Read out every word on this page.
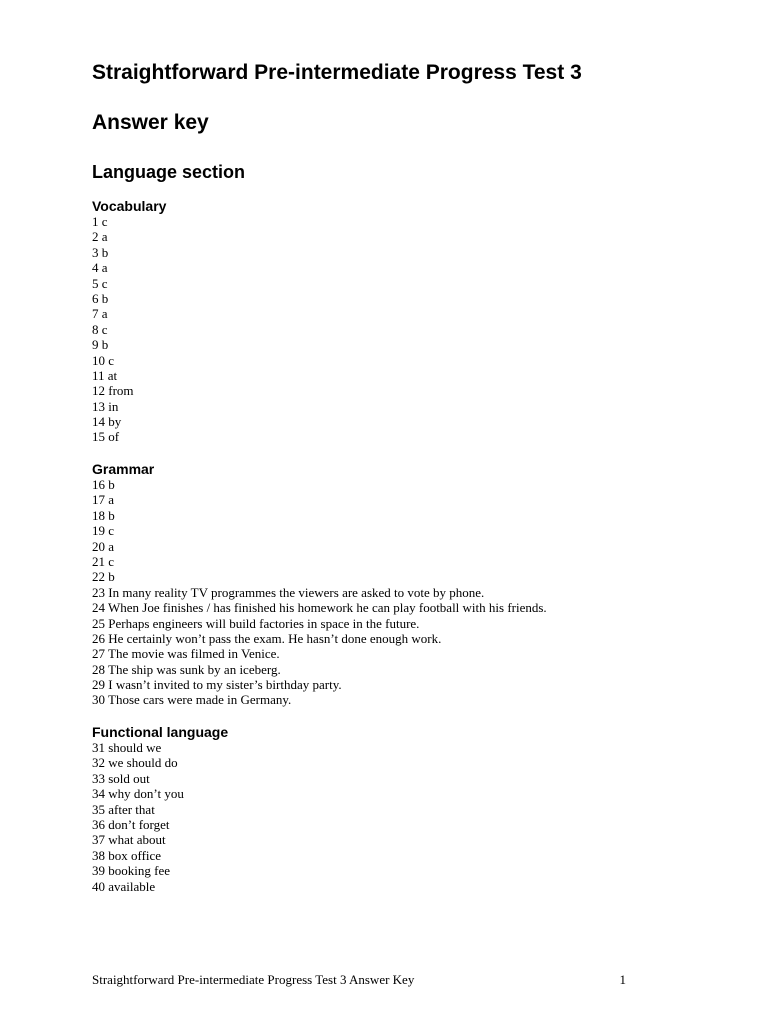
Straightforward Pre-intermediate Progress Test 3
Answer key
Language section
Vocabulary
1 c
2 a
3 b
4 a
5 c
6 b
7 a
8 c
9 b
10 c
11 at
12 from
13 in
14 by
15 of
Grammar
16 b
17 a
18 b
19 c
20 a
21 c
22 b
23 In many reality TV programmes the viewers are asked to vote by phone.
24 When Joe finishes / has finished his homework he can play football with his friends.
25 Perhaps engineers will build factories in space in the future.
26 He certainly won’t pass the exam. He hasn’t done enough work.
27 The movie was filmed in Venice.
28 The ship was sunk by an iceberg.
29 I wasn’t invited to my sister’s birthday party.
30 Those cars were made in Germany.
Functional language
31 should we
32 we should do
33 sold out
34 why don’t you
35 after that
36 don’t forget
37 what about
38 box office
39 booking fee
40 available
Straightforward Pre-intermediate Progress Test 3 Answer Key	1
